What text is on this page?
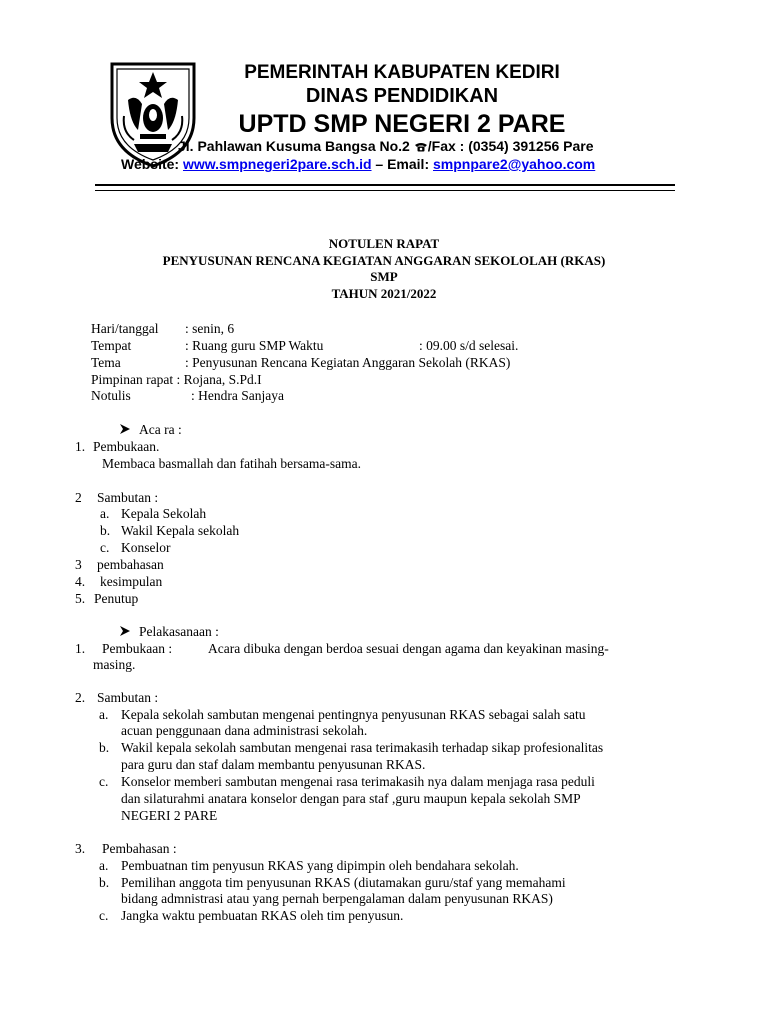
PEMERINTAH KABUPATEN KEDIRI
DINAS PENDIDIKAN
UPTD SMP NEGERI 2 PARE
Jl. Pahlawan Kusuma Bangsa No.2 /Fax : (0354) 391256 Pare
Website: www.smpnegeri2pare.sch.id – Email: smpnpare2@yahoo.com
NOTULEN RAPAT
PENYUSUNAN RENCANA KEGIATAN ANGGARAN SEKOLOLAH (RKAS)
SMP
TAHUN 2021/2022
Hari/tanggal : senin, 6
Tempat	: Ruang guru SMP Waktu	: 09.00 s/d selesai.
Tema	: Penyusunan Rencana Kegiatan Anggaran Sekolah (RKAS)
Pimpinan rapat : Rojana, S.Pd.I
Notulis	: Hendra Sanjaya
Aca ra :
1. Pembukaan.
Membaca basmallah dan fatihah bersama-sama.
2 Sambutan :
a. Kepala Sekolah
b. Wakil Kepala sekolah
c. Konselor
3 pembahasan
4. kesimpulan
5. Penutup
Pelakasanaan :
1. Pembukaan :	Acara dibuka dengan berdoa sesuai dengan agama dan keyakinan masing-
masing.
2. Sambutan :
a. Kepala sekolah sambutan mengenai pentingnya penyusunan RKAS sebagai salah satu
acuan penggunaan dana administrasi sekolah.
b. Wakil kepala sekolah sambutan mengenai rasa terimakasih terhadap sikap profesionalitas
para guru dan staf dalam membantu penyusunan RKAS.
c. Konselor memberi sambutan mengenai rasa terimakasih nya dalam menjaga rasa peduli
dan silaturahmi anatara konselor dengan para staf ,guru maupun kepala sekolah SMP
NEGERI 2 PARE
3. Pembahasan :
a. Pembuatnan tim penyusun RKAS yang dipimpin oleh bendahara sekolah.
b. Pemilihan anggota tim penyusunan RKAS (diutamakan guru/staf yang memahami
bidang admnistrasi atau yang pernah berpengalaman dalam penyusunan RKAS)
c. Jangka waktu pembuatan RKAS oleh tim penyusun.
